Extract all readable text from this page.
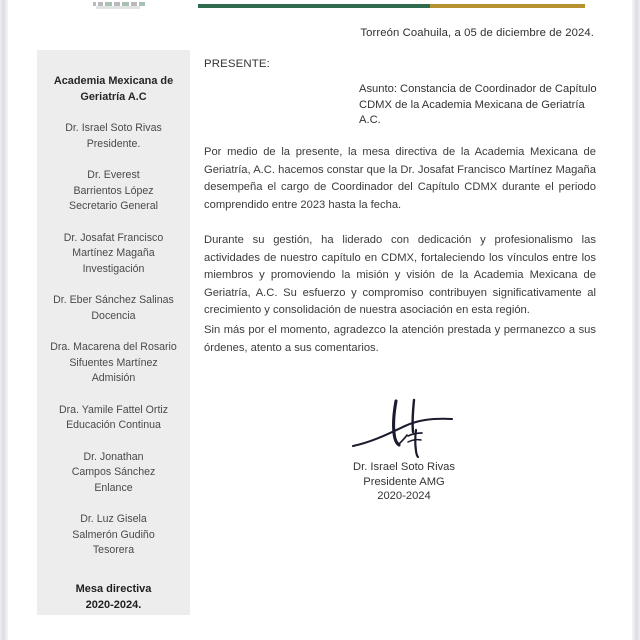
Torreón Coahuila, a 05 de diciembre de 2024.
Academia Mexicana de
Geriatría A.C
Dr. Israel Soto Rivas
Presidente.
Dr. Everest
Barrientos López
Secretario General
Dr. Josafat Francisco
Martínez Magaña
Investigación
Dr. Eber Sánchez Salinas
Docencia
Dra. Macarena del Rosario
Sifuentes Martínez
Admisión
Dra. Yamile Fattel Ortiz
Educación Continua
Dr. Jonathan
Campos Sánchez
Enlance
Dr. Luz Gisela
Salmerón Gudiño
Tesorera
Mesa directiva
2020-2024.
PRESENTE:
Asunto: Constancia de Coordinador de Capítulo
CDMX de la Academia Mexicana de Geriatría A.C.

Por medio de la presente, la mesa directiva de la Academia Mexicana de Geriatría, A.C. hacemos constar que la Dr. Josafat Francisco Martínez Magaña desempeña el cargo de Coordinador del Capítulo CDMX durante el periodo comprendido entre 2023 hasta la fecha.

Durante su gestión, ha liderado con dedicación y profesionalismo las actividades de nuestro capítulo en CDMX, fortaleciendo los vínculos entre los miembros y promoviendo la misión y visión de la Academia Mexicana de Geriatría, A.C. Su esfuerzo y compromiso contribuyen significativamente al crecimiento y consolidación de nuestra asociación en esta región.

Sin más por el momento, agradezco la atención prestada y permanezco a sus órdenes, atento a sus comentarios.

Dr. Israel Soto Rivas
Presidente AMG
2020-2024
